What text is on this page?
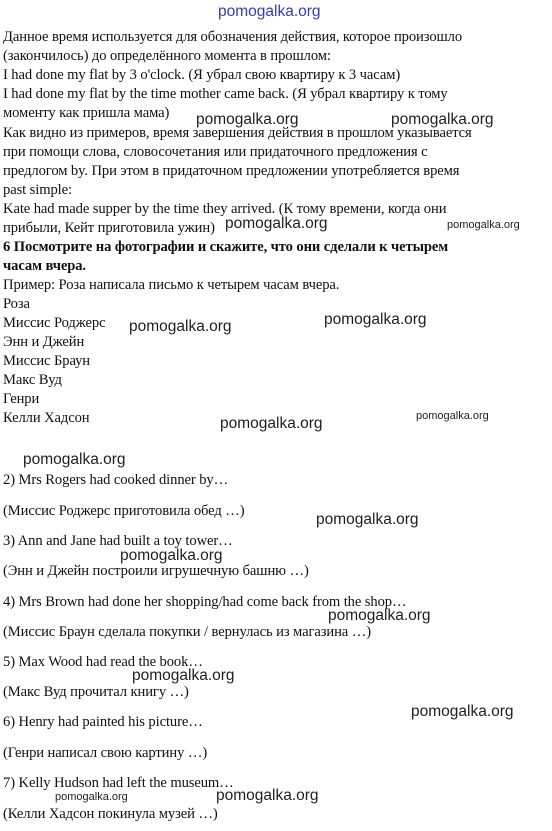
pomogalka.org
Данное время используется для обозначения действия, которое произошло
(закончилось) до определённого момента в прошлом:
I had done my flat by 3 o'clock. (Я убрал свою квартиру к 3 часам)
I had done my flat by the time mother came back. (Я убрал квартиру к тому
моменту как пришла мама)
Как видно из примеров, время завершения действия в прошлом указывается
при помощи слова, словосочетания или придаточного предложения с
предлогом by. При этом в придаточном предложении употребляется время
past simple:
Kate had made supper by the time they arrived. (К тому времени, когда они
прибыли, Кейт приготовила ужин)
6 Посмотрите на фотографии и скажите, что они сделали к четырем
часам вчера.
Пример: Роза написала письмо к четырем часам вчера.
Роза
Миссис Роджерс
Энн и Джейн
Миссис Браун
Макс Вуд
Генри
Келли Хадсон
2) Mrs Rogers had cooked dinner by…
(Миссис Роджерс приготовила обед …)
3) Ann and Jane had built a toy tower…
(Энн и Джейн построили игрушечную башню …)
4) Mrs Brown had done her shopping/had come back from the shop…
(Миссис Браун сделала покупки / вернулась из магазина …)
5) Max Wood had read the book…
(Макс Вуд прочитал книгу …)
6) Henry had painted his picture…
(Генри написал свою картину …)
7) Kelly Hudson had left the museum…
(Келли Хадсон покинула музей …)
pomogalka.org	pomogalka.org
pomogalka.org	pomogalka.org
pomogalka.org	pomogalka.org
pomogalka.org
pomogalka.org
pomogalka.org
pomogalka.org
pomogalka.org
pomogalka.org
pomogalka.org
pomogalka.org
pomogalka.org	pomogalka.org
